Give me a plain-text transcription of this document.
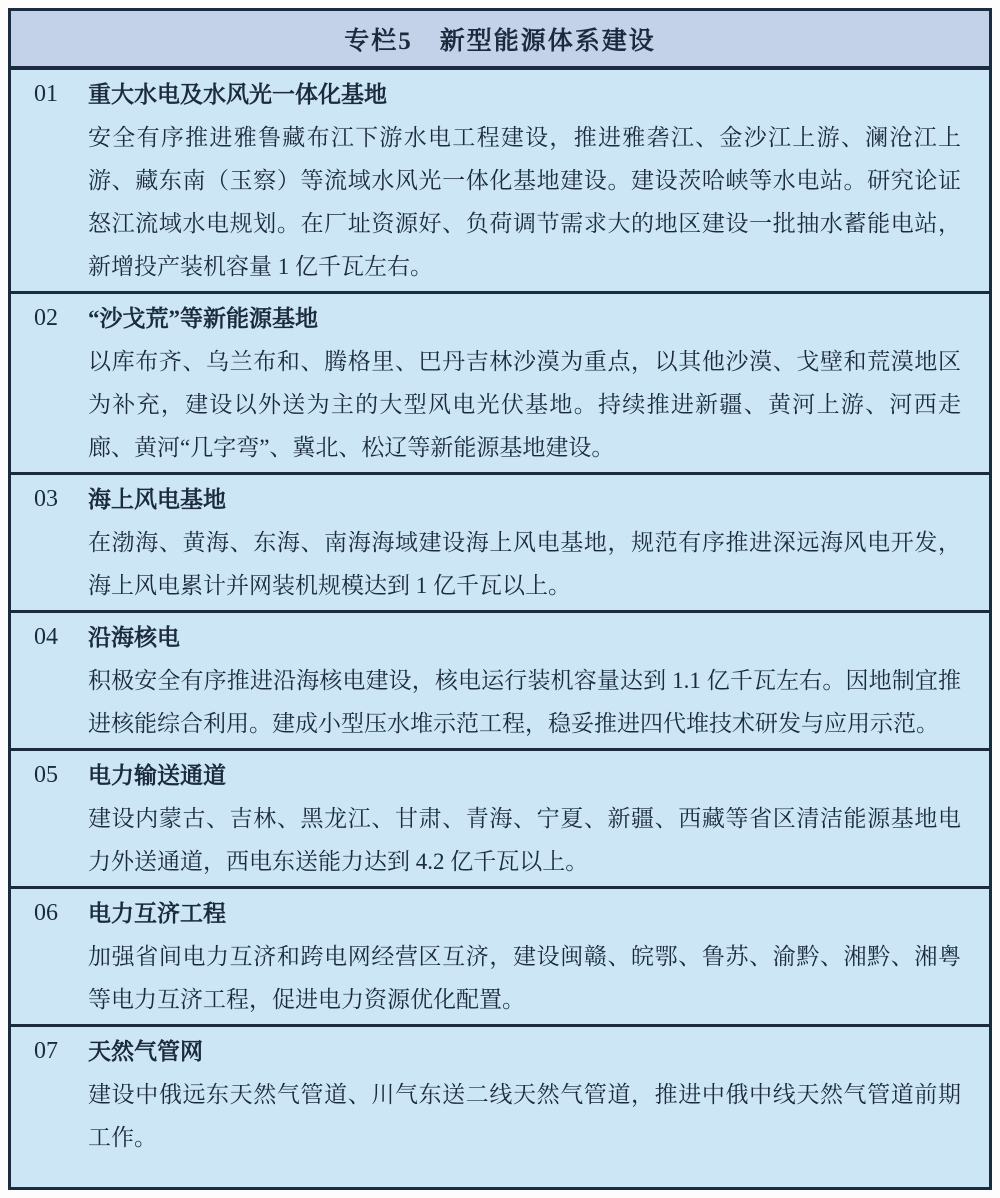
专栏5　新型能源体系建设
01	重大水电及水风光一体化基地
安全有序推进雅鲁藏布江下游水电工程建设，推进雅砻江、金沙江上游、澜沧江上游、藏东南（玉察）等流域水风光一体化基地建设。建设茨哈峡等水电站。研究论证怒江流域水电规划。在厂址资源好、负荷调节需求大的地区建设一批抽水蓄能电站，新增投产装机容量 1 亿千瓦左右。
02	“沙戈荒”等新能源基地
以库布齐、乌兰布和、腾格里、巴丹吉林沙漠为重点，以其他沙漠、戈壁和荒漠地区为补充，建设以外送为主的大型风电光伏基地。持续推进新疆、黄河上游、河西走廊、黄河“几字弯”、冀北、松辽等新能源基地建设。
03	海上风电基地
在渤海、黄海、东海、南海海域建设海上风电基地，规范有序推进深远海风电开发，海上风电累计并网装机规模达到 1 亿千瓦以上。
04	沿海核电
积极安全有序推进沿海核电建设，核电运行装机容量达到 1.1 亿千瓦左右。因地制宜推进核能综合利用。建成小型压水堆示范工程，稳妥推进四代堆技术研发与应用示范。
05	电力输送通道
建设内蒙古、吉林、黑龙江、甘肃、青海、宁夏、新疆、西藏等省区清洁能源基地电力外送通道，西电东送能力达到 4.2 亿千瓦以上。
06	电力互济工程
加强省间电力互济和跨电网经营区互济，建设闽赣、皖鄂、鲁苏、渝黔、湘黔、湘粤等电力互济工程，促进电力资源优化配置。
07	天然气管网
建设中俄远东天然气管道、川气东送二线天然气管道，推进中俄中线天然气管道前期工作。
